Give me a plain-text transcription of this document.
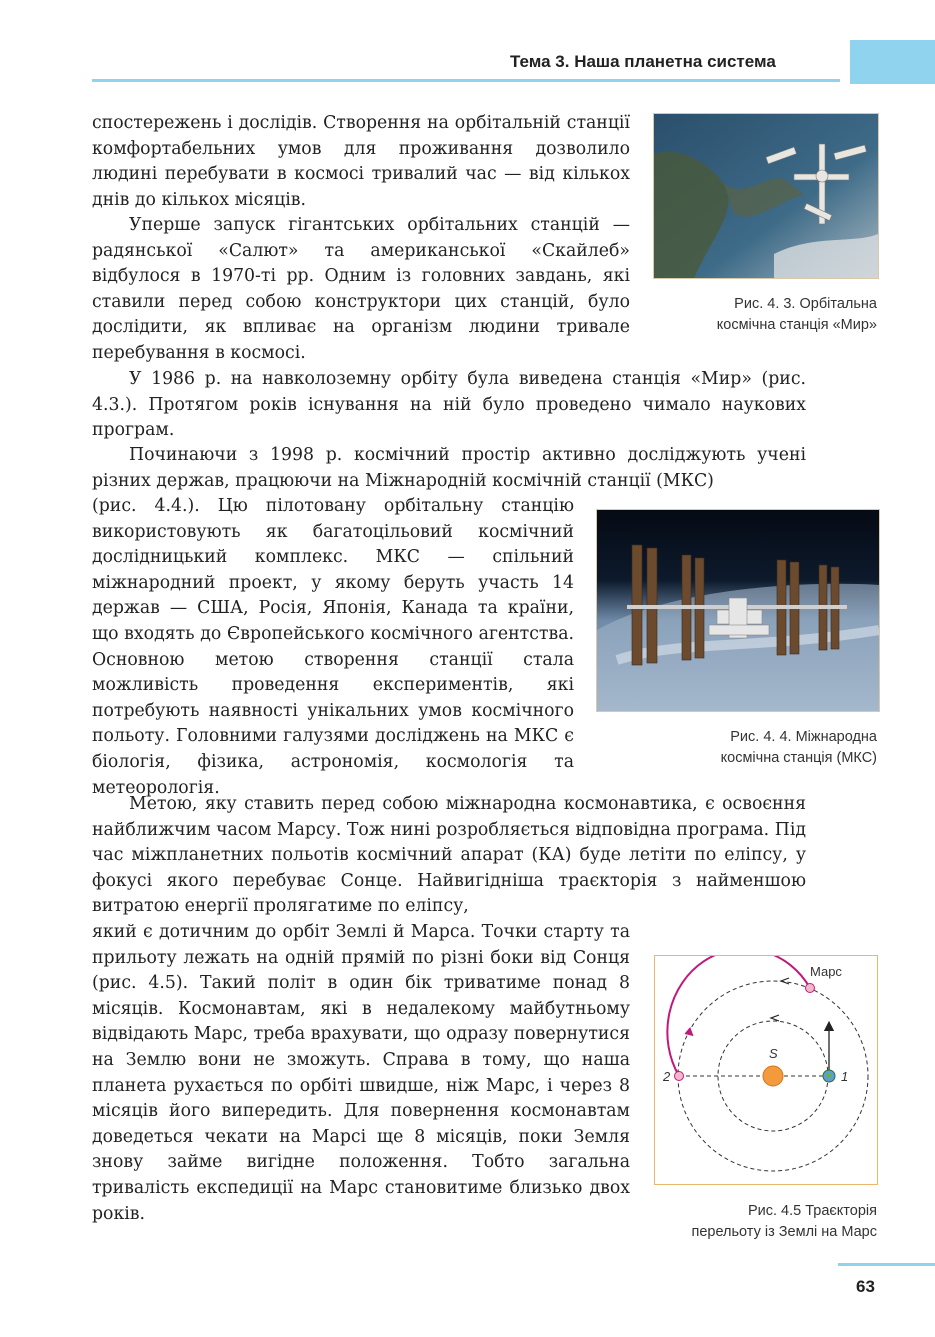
Тема 3. Наша планетна система

спостережень і дослідів. Створення на орбітальній станції комфортабельних умов для проживання дозволило людині перебувати в космосі тривалий час — від кількох днів до кількох місяців.

Уперше запуск гігантських орбітальних станцій — радянської «Салют» та американської «Скайлеб» відбулося в 1970-ті рр. Одним із головних завдань, які ставили перед собою конструктори цих станцій, було дослідити, як впливає на організм людини тривале перебування в космосі.

У 1986 р. на навколоземну орбіту була виведена станція «Мир» (рис. 4.3.). Протягом років існування на ній було проведено чимало наукових програм.

Починаючи з 1998 р. космічний простір активно досліджують учені різних держав, працюючи на Міжнародній космічній станції (МКС)

(рис. 4.4.). Цю пілотовану орбітальну станцію використовують як багатоцільовий космічний дослідницький комплекс. МКС — спільний міжнародний проект, у якому беруть участь 14 держав — США, Росія, Японія, Канада та країни, що входять до Європейського космічного агентства. Основною метою створення станції стала можливість проведення експериментів, які потребують наявності унікальних умов космічного польоту. Головними галузями досліджень на МКС є біологія, фізика, астрономія, космологія та метеорологія.

Метою, яку ставить перед собою міжнародна космонавтика, є освоєння найближчим часом Марсу. Тож нині розробляється відповідна програма. Під час міжпланетних польотів космічний апарат (КА) буде летіти по еліпсу, у фокусі якого перебуває Сонце. Найвигідніша траєкторія з найменшою витратою енергії пролягатиме по еліпсу,

який є дотичним до орбіт Землі й Марса. Точки старту та прильоту лежать на одній прямій по різні боки від Сонця (рис. 4.5). Такий політ в один бік триватиме понад 8 місяців. Космонавтам, які в недалекому майбутньому відвідають Марс, треба врахувати, що одразу повернутися на Землю вони не зможуть. Справа в тому, що наша планета рухається по орбіті швидше, ніж Марс, і через 8 місяців його випередить. Для повернення космонавтам доведеться чекати на Марсі ще 8 місяців, поки Земля знову займе вигідне положення. Тобто загальна тривалість експедиції на Марс становитиме близько двох років.

Рис. 4. 3. Орбітальна
космічна станція «Мир»
Рис. 4. 4. Міжнародна
космічна станція (МКС)
Марс
S
1
2
Рис. 4.5 Траєкторія
перельоту із Землі на Марс
63
